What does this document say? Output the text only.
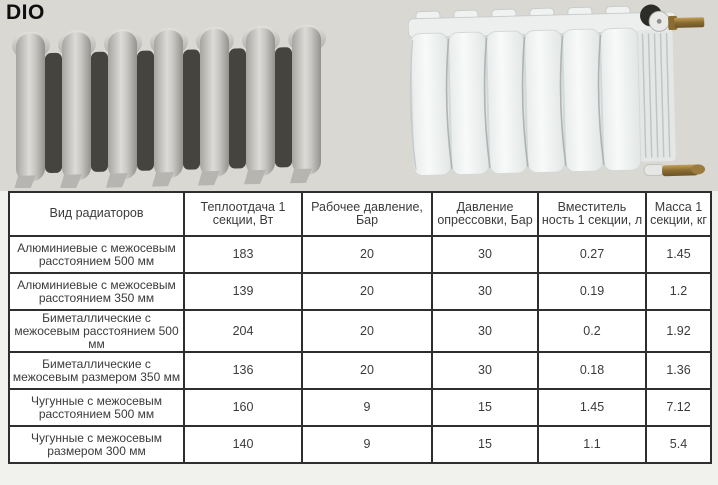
DIO
Вид радиаторов	Теплоотдача 1 секции, Вт	Рабочее давление, Бар	Давление опрессовки, Бар	Вместитель ность 1 секции, л	Масса 1 секции, кг
Алюминиевые с межосевым расстоянием 500 мм	183	20	30	0.27	1.45
Алюминиевые с межосевым расстоянием 350 мм	139	20	30	0.19	1.2
Биметаллические с межосевым расстоянием 500 мм	204	20	30	0.2	1.92
Биметаллические с межосевым размером 350 мм	136	20	30	0.18	1.36
Чугунные с межосевым расстоянием 500 мм	160	9	15	1.45	7.12
Чугунные с межосевым размером 300 мм	140	9	15	1.1	5.4
